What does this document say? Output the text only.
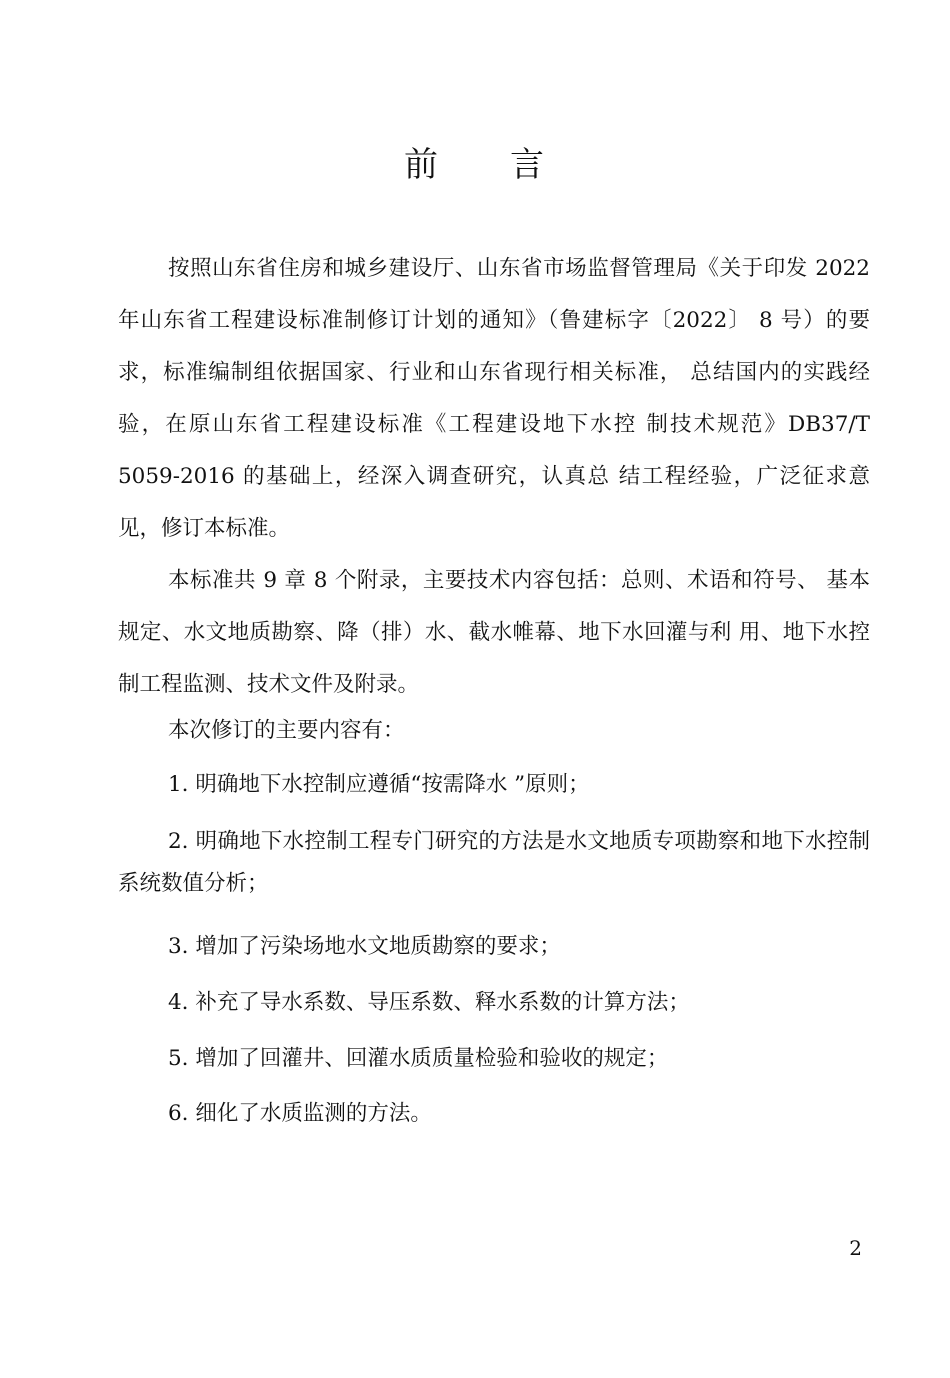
前 言

按照山东省住房和城乡建设厅、山东省市场监督管理局《关于印发 2022 年山东省工程建设标准制修订计划的通知》（鲁建标字〔2022〕 8 号）的要求，标准编制组依据国家、行业和山东省现行相关标准， 总结国内的实践经验，在原山东省工程建设标准《工程建设地下水控 制技术规范》DB37/T 5059-2016 的基础上，经深入调查研究，认真总 结工程经验，广泛征求意见，修订本标准。

本标准共 9 章 8 个附录，主要技术内容包括：总则、术语和符号、 基本规定、水文地质勘察、降（排）水、截水帷幕、地下水回灌与利 用、地下水控制工程监测、技术文件及附录。

本次修订的主要内容有：

1. 明确地下水控制应遵循“按需降水 ”原则；

2. 明确地下水控制工程专门研究的方法是水文地质专项勘察和地下水控制系统数值分析；

3. 增加了污染场地水文地质勘察的要求；

4. 补充了导水系数、导压系数、释水系数的计算方法；

5. 增加了回灌井、回灌水质质量检验和验收的规定；

6. 细化了水质监测的方法。

2
